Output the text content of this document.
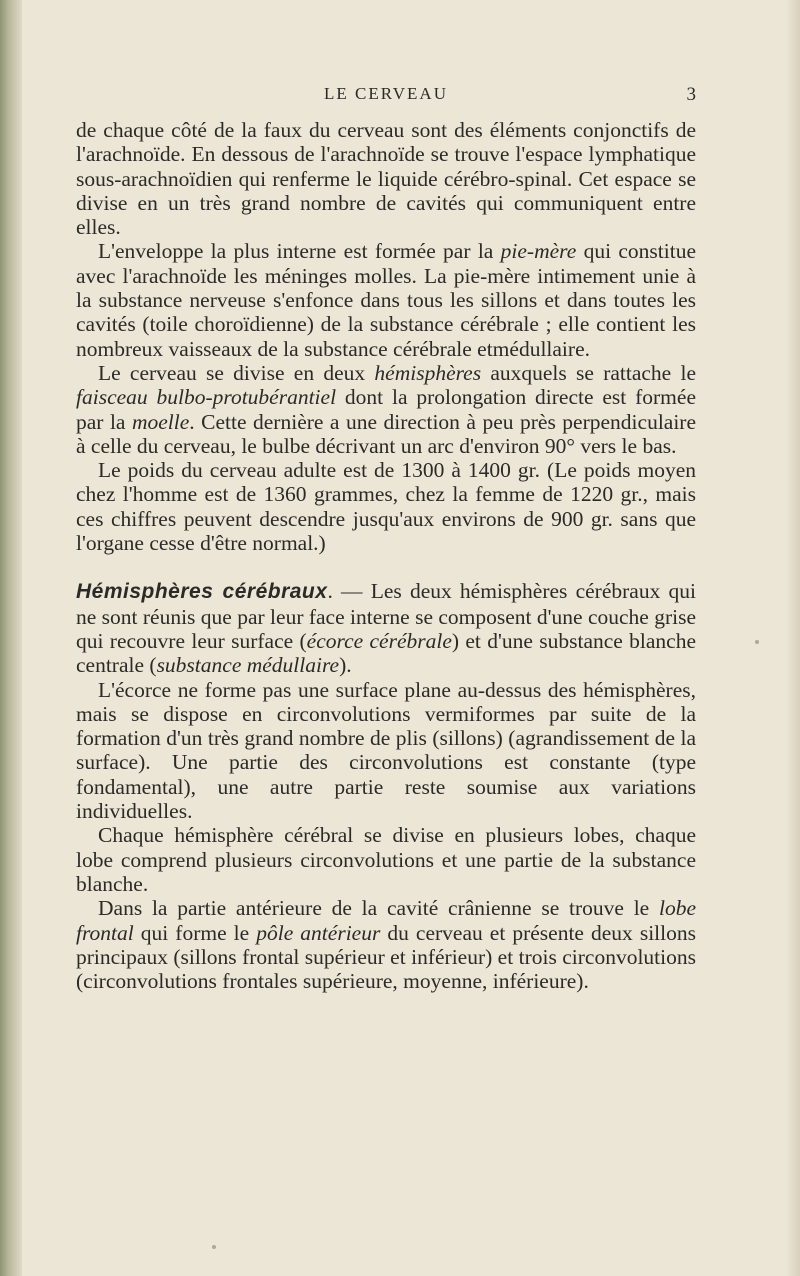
LE CERVEAU	3

de chaque côté de la faux du cerveau sont des éléments conjonctifs de l'arachnoïde. En dessous de l'arachnoïde se trouve l'espace lymphatique sous-arachnoïdien qui renferme le liquide cérébro-spinal. Cet espace se divise en un très grand nombre de cavités qui communiquent entre elles.

L'enveloppe la plus interne est formée par la pie-mère qui constitue avec l'arachnoïde les méninges molles. La pie-mère intimement unie à la substance nerveuse s'enfonce dans tous les sillons et dans toutes les cavités (toile choroïdienne) de la substance cérébrale ; elle contient les nombreux vaisseaux de la substance cérébrale etmédullaire.

Le cerveau se divise en deux hémisphères auxquels se rattache le faisceau bulbo-protubérantiel dont la prolongation directe est formée par la moelle. Cette dernière a une direction à peu près perpendiculaire à celle du cerveau, le bulbe décrivant un arc d'environ 90° vers le bas.

Le poids du cerveau adulte est de 1300 à 1400 gr. (Le poids moyen chez l'homme est de 1360 grammes, chez la femme de 1220 gr., mais ces chiffres peuvent descendre jusqu'aux environs de 900 gr. sans que l'organe cesse d'être normal.)

Hémisphères cérébraux. — Les deux hémisphères cérébraux qui ne sont réunis que par leur face interne se composent d'une couche grise qui recouvre leur surface (écorce cérébrale) et d'une substance blanche centrale (substance médullaire).

L'écorce ne forme pas une surface plane au-dessus des hémisphères, mais se dispose en circonvolutions vermiformes par suite de la formation d'un très grand nombre de plis (sillons) (agrandissement de la surface). Une partie des circonvolutions est constante (type fondamental), une autre partie reste soumise aux variations individuelles.

Chaque hémisphère cérébral se divise en plusieurs lobes, chaque lobe comprend plusieurs circonvolutions et une partie de la substance blanche.

Dans la partie antérieure de la cavité crânienne se trouve le lobe frontal qui forme le pôle antérieur du cerveau et présente deux sillons principaux (sillons frontal supérieur et inférieur) et trois circonvolutions (circonvolutions frontales supérieure, moyenne, inférieure).
